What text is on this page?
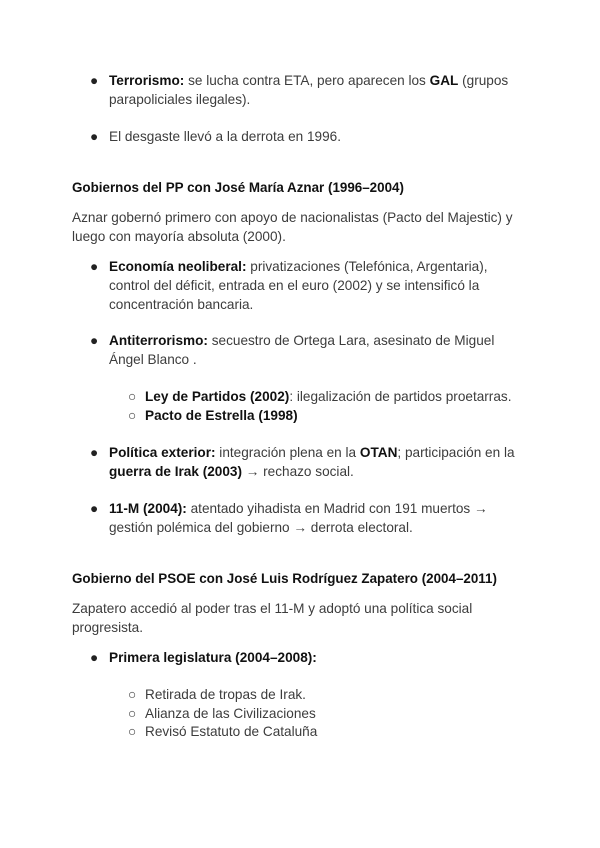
● Terrorismo: se lucha contra ETA, pero aparecen los GAL (grupos parapoliciales ilegales).
● El desgaste llevó a la derrota en 1996.
Gobiernos del PP con José María Aznar (1996–2004)
Aznar gobernó primero con apoyo de nacionalistas (Pacto del Majestic) y luego con mayoría absoluta (2000).
● Economía neoliberal: privatizaciones (Telefónica, Argentaria), control del déficit, entrada en el euro (2002) y se intensificó la concentración bancaria.
● Antiterrorismo: secuestro de Ortega Lara, asesinato de Miguel Ángel Blanco .
○ Ley de Partidos (2002): ilegalización de partidos proetarras.
○ Pacto de Estrella (1998)
● Política exterior: integración plena en la OTAN; participación en la guerra de Irak (2003) → rechazo social.
● 11-M (2004): atentado yihadista en Madrid con 191 muertos → gestión polémica del gobierno → derrota electoral.
Gobierno del PSOE con José Luis Rodríguez Zapatero (2004–2011)
Zapatero accedió al poder tras el 11-M y adoptó una política social progresista.
● Primera legislatura (2004–2008):
○ Retirada de tropas de Irak.
○ Alianza de las Civilizaciones
○ Revisó Estatuto de Cataluña
